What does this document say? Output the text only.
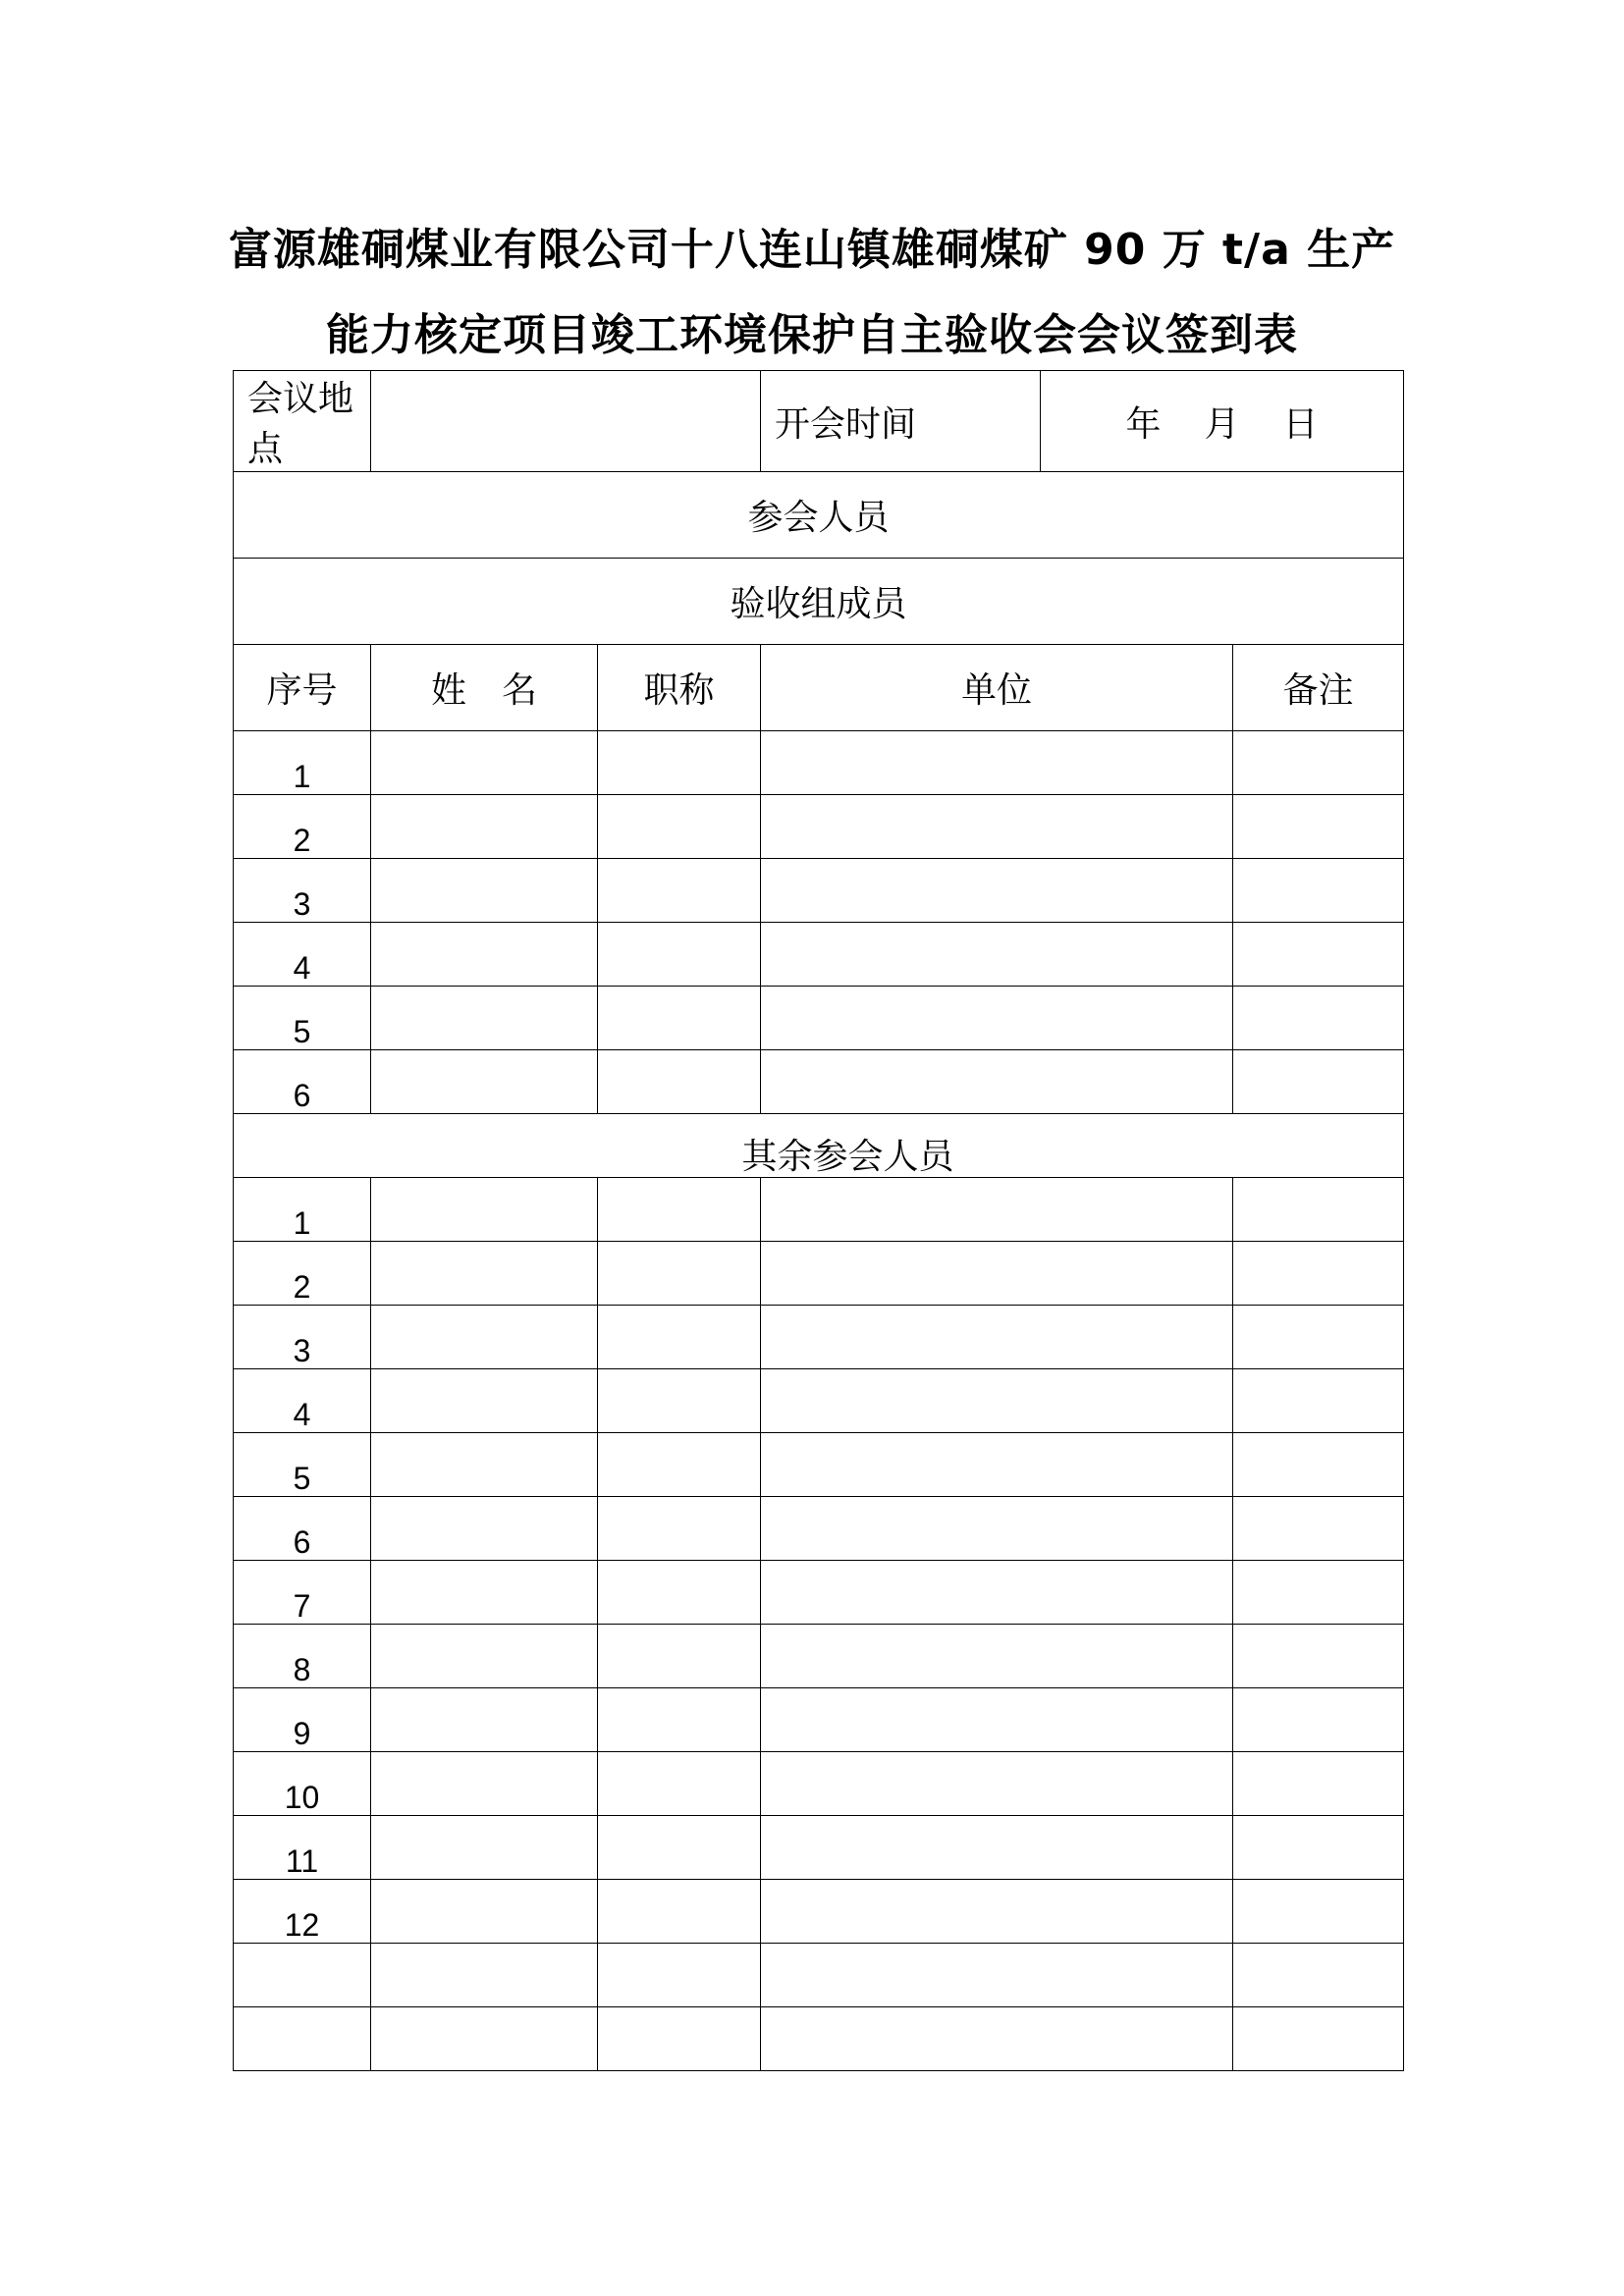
富源雄硐煤业有限公司十八连山镇雄硐煤矿 90 万 t/a 生产
能力核定项目竣工环境保护自主验收会会议签到表
会议地点			开会时间	年 月 日	
参会人员					
验收组成员					
序号	姓　名	职称	单位		备注
1					
2					
3					
4					
5					
6					
其余参会人员					
1					
2					
3					
4					
5					
6					
7					
8					
9					
10					
11					
12					
